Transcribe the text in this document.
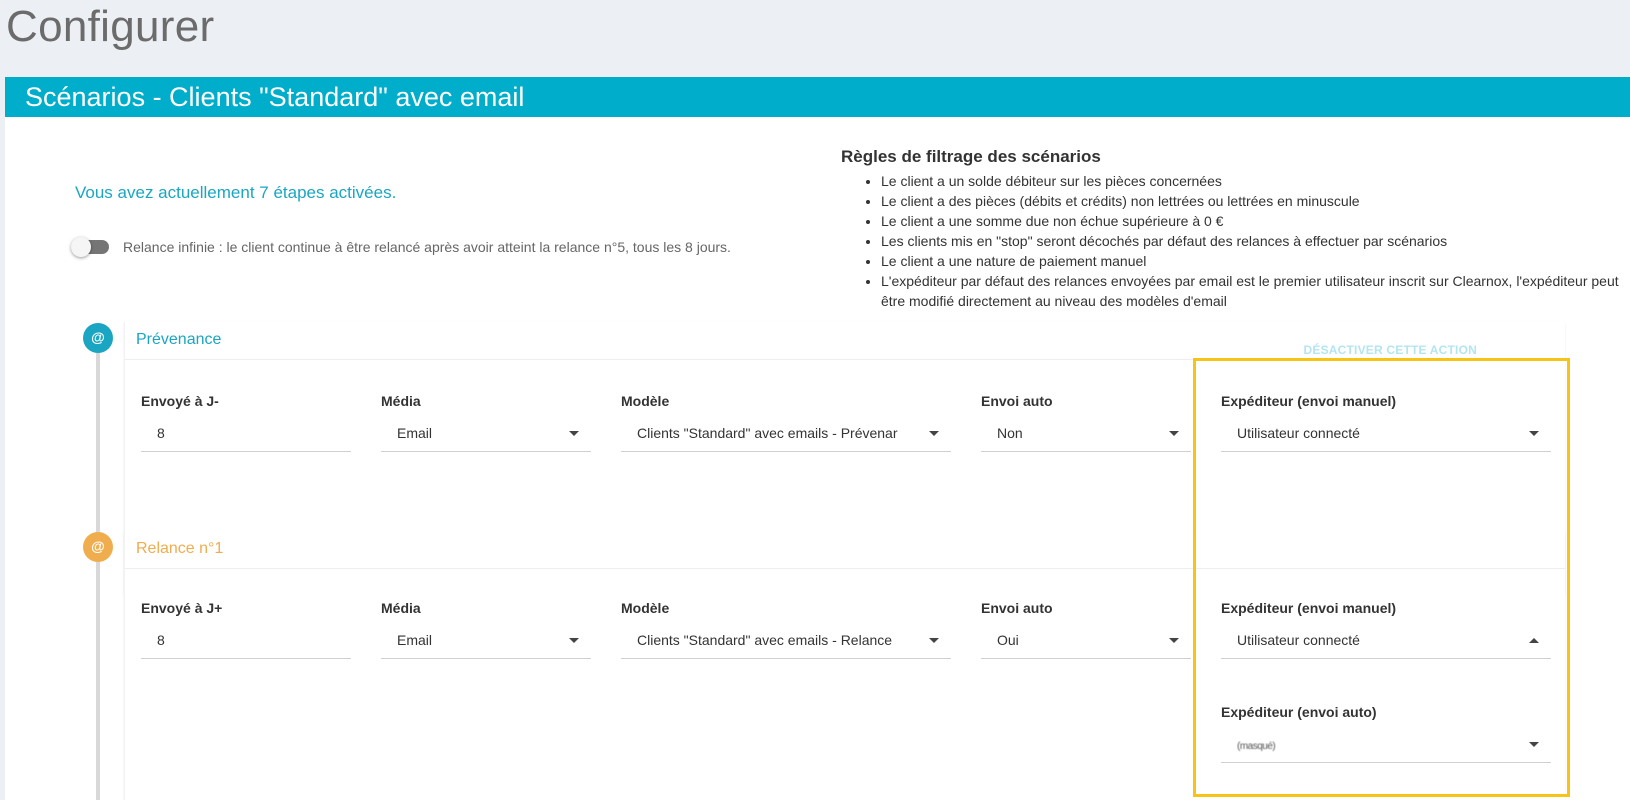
Configurer
Scénarios - Clients "Standard" avec email
Vous avez actuellement 7 étapes activées.
Relance infinie : le client continue à être relancé après avoir atteint la relance n°5, tous les 8 jours.
Règles de filtrage des scénarios
• Le client a un solde débiteur sur les pièces concernées
• Le client a des pièces (débits et crédits) non lettrées ou lettrées en minuscule
• Le client a une somme due non échue supérieure à 0 €
• Les clients mis en "stop" seront décochés par défaut des relances à effectuer par scénarios
• Le client a une nature de paiement manuel
• L'expéditeur par défaut des relances envoyées par email est le premier utilisateur inscrit sur Clearnox, l'expéditeur peut être modifié directement au niveau des modèles d'email
@	Prévenance
DÉSACTIVER CETTE ACTION
Envoyé à J-
8
Média
Email
Modèle
Clients "Standard" avec emails - Prévenar
Envoi auto
Non
Expéditeur (envoi manuel)
Utilisateur connecté
@	Relance n°1
Envoyé à J+
8
Média
Email
Modèle
Clients "Standard" avec emails - Relance
Envoi auto
Oui
Expéditeur (envoi manuel)
Utilisateur connecté
Expéditeur (envoi auto)
(masqué)
